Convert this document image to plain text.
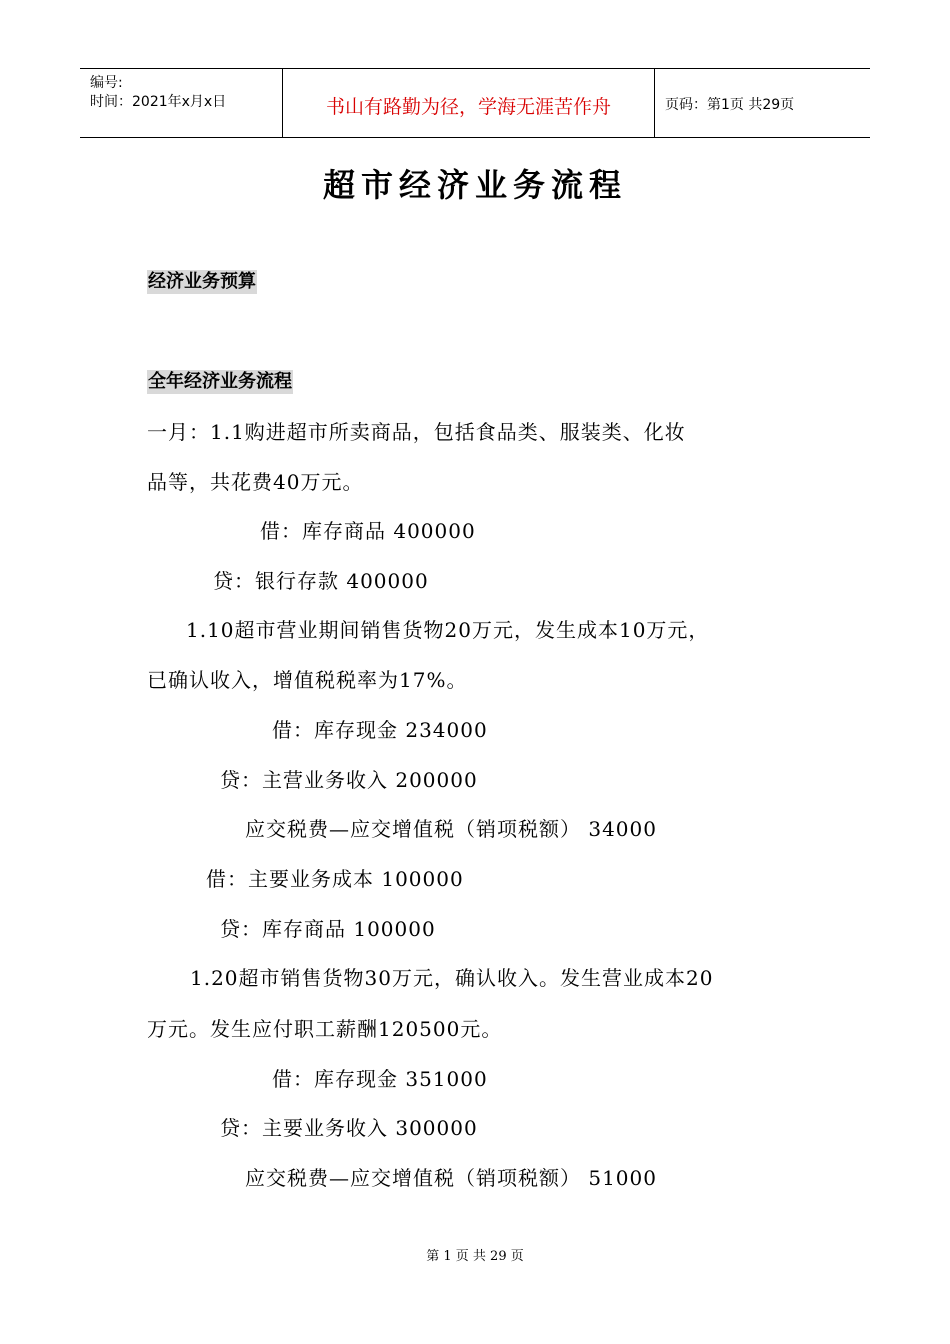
编号:
时间：2021年x月x日	书山有路勤为径，学海无涯苦作舟	页码：第1页 共29页
超市经济业务流程
经济业务预算
全年经济业务流程
一月：1.1购进超市所卖商品，包括食品类、服装类、化妆
品等，共花费40万元。
借：库存商品 400000
贷：银行存款 400000
1.10超市营业期间销售货物20万元，发生成本10万元，
已确认收入，增值税税率为17%。
借：库存现金 234000
贷：主营业务收入 200000
应交税费—应交增值税（销项税额） 34000
借：主要业务成本 100000
贷：库存商品 100000
1.20超市销售货物30万元，确认收入。发生营业成本20
万元。发生应付职工薪酬120500元。
借：库存现金 351000
贷：主要业务收入 300000
应交税费—应交增值税（销项税额） 51000
第 1 页 共 29 页
